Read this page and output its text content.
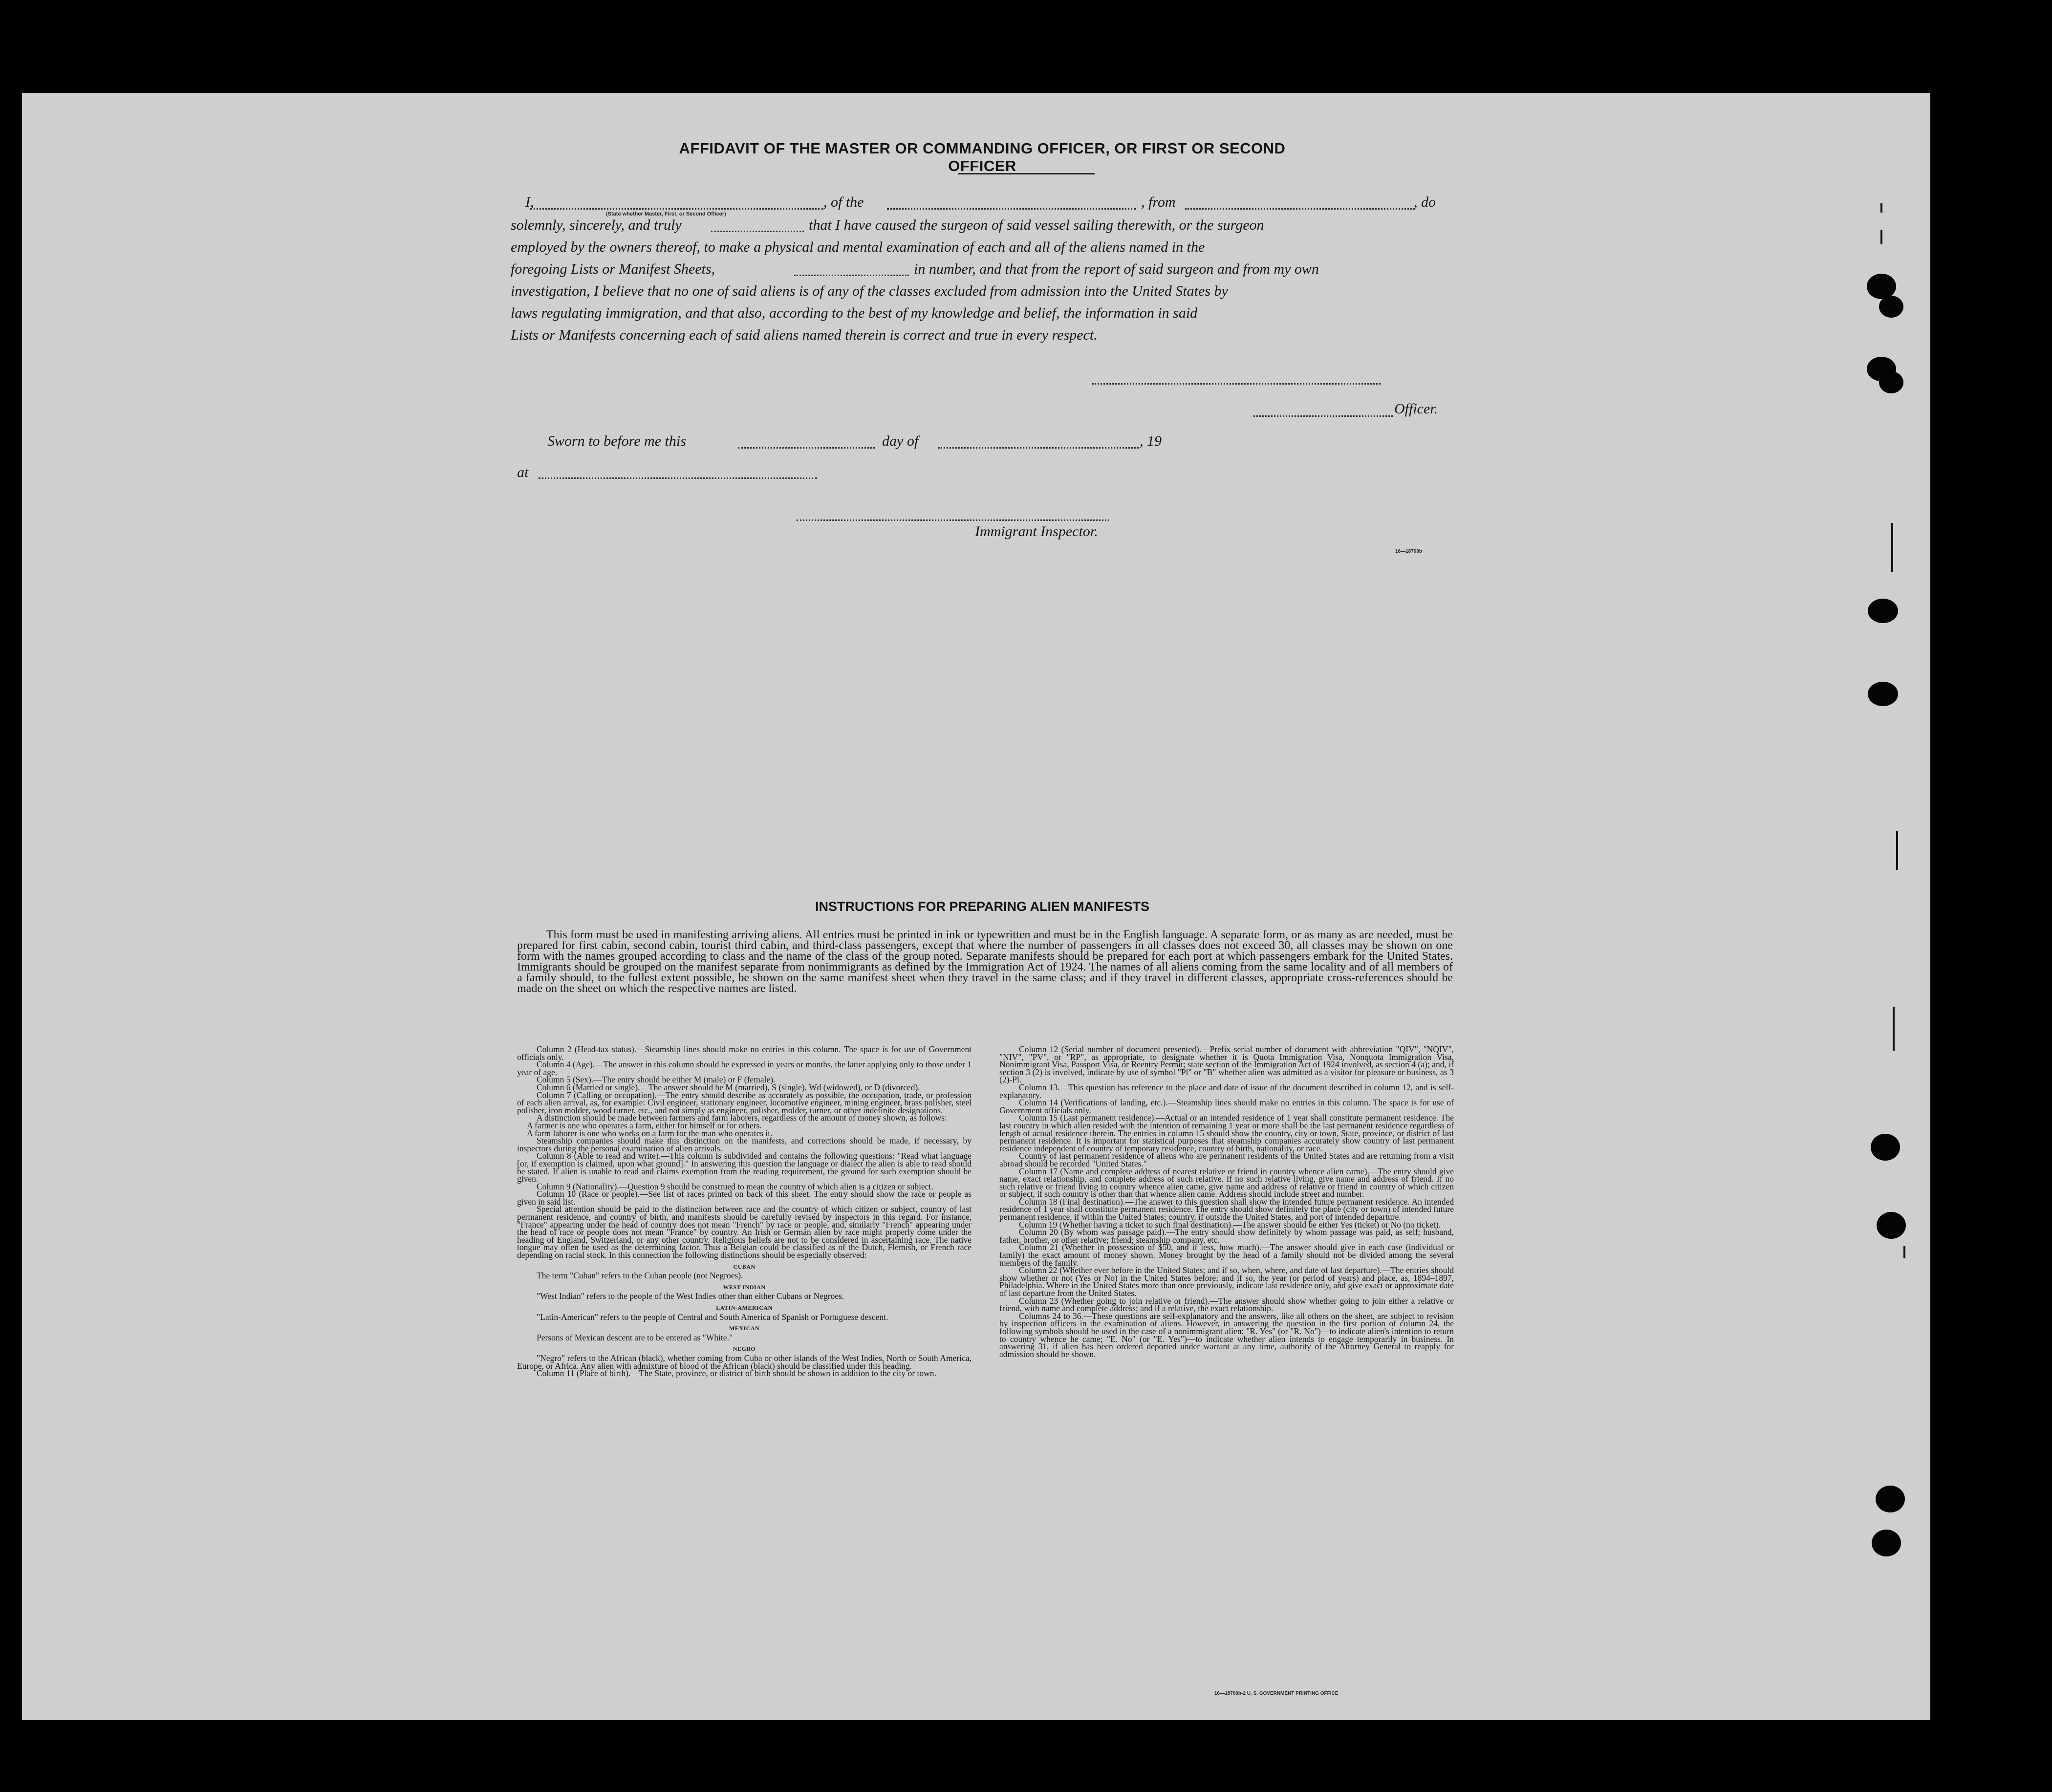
AFFIDAVIT OF THE MASTER OR COMMANDING OFFICER, OR FIRST OR SECOND OFFICER
I,	, of the	, from	, do
(State whether Master, First, or Second Officer)
solemnly, sincerely, and truly	that I have caused the surgeon of said vessel sailing therewith, or the surgeon
employed by the owners thereof, to make a physical and mental examination of each and all of the aliens named in the
foregoing Lists or Manifest Sheets,	in number, and that from the report of said surgeon and from my own
investigation, I believe that no one of said aliens is of any of the classes excluded from admission into the United States by
laws regulating immigration, and that also, according to the best of my knowledge and belief, the information in said
Lists or Manifests concerning each of said aliens named therein is correct and true in every respect.
Officer.
Sworn to before me this	day of	, 19
at
Immigrant Inspector.
16—18709b
INSTRUCTIONS FOR PREPARING ALIEN MANIFESTS
This form must be used in manifesting arriving aliens. All entries must be printed in ink or typewritten and must be in the English language. A separate form, or as many as are needed, must be prepared for first cabin, second cabin, tourist third cabin, and third-class passengers, except that where the number of passengers in all classes does not exceed 30, all classes may be shown on one form with the names grouped according to class and the name of the class of the group noted. Separate manifests should be prepared for each port at which passengers embark for the United States. Immigrants should be grouped on the manifest separate from nonimmigrants as defined by the Immigration Act of 1924. The names of all aliens coming from the same locality and of all members of a family should, to the fullest extent possible, be shown on the same manifest sheet when they travel in the same class; and if they travel in different classes, appropriate cross-references should be made on the sheet on which the respective names are listed.

Column 2 (Head-tax status).—Steamship lines should make no entries in this column. The space is for use of Government officials only.

Column 4 (Age).—The answer in this column should be expressed in years or months, the latter applying only to those under 1 year of age.

Column 5 (Sex).—The entry should be either M (male) or F (female).

Column 6 (Married or single).—The answer should be M (married), S (single), Wd (widowed), or D (divorced).

Column 7 (Calling or occupation).—The entry should describe as accurately as possible, the occupation, trade, or profession of each alien arrival, as, for example: Civil engineer, stationary engineer, locomotive engineer, mining engineer, brass polisher, steel polisher, iron molder, wood turner, etc., and not simply as engineer, polisher, molder, turner, or other indefinite designations.

A distinction should be made between farmers and farm laborers, regardless of the amount of money shown, as follows:

A farmer is one who operates a farm, either for himself or for others.

A farm laborer is one who works on a farm for the man who operates it.

Steamship companies should make this distinction on the manifests, and corrections should be made, if necessary, by inspectors during the personal examination of alien arrivals.

Column 8 (Able to read and write).—This column is subdivided and contains the following questions: "Read what language [or, if exemption is claimed, upon what ground]." In answering this question the language or dialect the alien is able to read should be stated. If alien is unable to read and claims exemption from the reading requirement, the ground for such exemption should be given.

Column 9 (Nationality).—Question 9 should be construed to mean the country of which alien is a citizen or subject.

Column 10 (Race or people).—See list of races printed on back of this sheet. The entry should show the race or people as given in said list.

Special attention should be paid to the distinction between race and the country of which citizen or subject, country of last permanent residence, and country of birth, and manifests should be carefully revised by inspectors in this regard. For instance, "France" appearing under the head of country does not mean "French" by race or people, and, similarly "French" appearing under the head of race or people does not mean "France" by country. An Irish or German alien by race might properly come under the heading of England, Switzerland, or any other country. Religious beliefs are not to be considered in ascertaining race. The native tongue may often be used as the determining factor. Thus a Belgian could be classified as of the Dutch, Flemish, or French race depending on racial stock. In this connection the following distinctions should be especially observed:

CUBAN

The term "Cuban" refers to the Cuban people (not Negroes).

WEST INDIAN

"West Indian" refers to the people of the West Indies other than either Cubans or Negroes.

LATIN-AMERICAN

"Latin-American" refers to the people of Central and South America of Spanish or Portuguese descent.

MEXICAN

Persons of Mexican descent are to be entered as "White."

NEGRO

"Negro" refers to the African (black), whether coming from Cuba or other islands of the West Indies, North or South America, Europe, or Africa. Any alien with admixture of blood of the African (black) should be classified under this heading.

Column 11 (Place of birth).—The State, province, or district of birth should be shown in addition to the city or town.

Column 12 (Serial number of document presented).—Prefix serial number of document with abbreviation "QIV", "NQIV", "NIV", "PV", or "RP", as appropriate, to designate whether it is Quota Immigration Visa, Nonquota Immigration Visa, Nonimmigrant Visa, Passport Visa, or Reentry Permit; state section of the Immigration Act of 1924 involved, as section 4 (a); and, if section 3 (2) is involved, indicate by use of symbol "Pl" or "B" whether alien was admitted as a visitor for pleasure or business, as 3 (2)-Pl.

Column 13.—This question has reference to the place and date of issue of the document described in column 12, and is self-explanatory.

Column 14 (Verifications of landing, etc.).—Steamship lines should make no entries in this column. The space is for use of Government officials only.

Column 15 (Last permanent residence).—Actual or an intended residence of 1 year shall constitute permanent residence. The last country in which alien resided with the intention of remaining 1 year or more shall be the last permanent residence regardless of length of actual residence therein. The entries in column 15 should show the country, city or town, State, province, or district of last permanent residence. It is important for statistical purposes that steamship companies accurately show country of last permanent residence independent of country of temporary residence, country of birth, nationality, or race.

Country of last permanent residence of aliens who are permanent residents of the United States and are returning from a visit abroad should be recorded "United States."

Column 17 (Name and complete address of nearest relative or friend in country whence alien came).—The entry should give name, exact relationship, and complete address of such relative. If no such relative living, give name and address of friend. If no such relative or friend living in country whence alien came, give name and address of relative or friend in country of which citizen or subject, if such country is other than that whence alien came. Address should include street and number.

Column 18 (Final destination).—The answer to this question shall show the intended future permanent residence. An intended residence of 1 year shall constitute permanent residence. The entry should show definitely the place (city or town) of intended future permanent residence, if within the United States; country, if outside the United States, and port of intended departure.

Column 19 (Whether having a ticket to such final destination).—The answer should be either Yes (ticket) or No (no ticket).

Column 20 (By whom was passage paid).—The entry should show definitely by whom passage was paid, as self; husband, father, brother, or other relative; friend; steamship company, etc.

Column 21 (Whether in possession of $50, and if less, how much).—The answer should give in each case (individual or family) the exact amount of money shown. Money brought by the head of a family should not be divided among the several members of the family.

Column 22 (Whether ever before in the United States; and if so, when, where, and date of last departure).—The entries should show whether or not (Yes or No) in the United States before; and if so, the year (or period of years) and place, as, 1894–1897, Philadelphia. Where in the United States more than once previously, indicate last residence only, and give exact or approximate date of last departure from the United States.

Column 23 (Whether going to join relative or friend).—The answer should show whether going to join either a relative or friend, with name and complete address; and if a relative, the exact relationship.

Columns 24 to 36.—These questions are self-explanatory and the answers, like all others on the sheet, are subject to revision by inspection officers in the examination of aliens. However, in answering the question in the first portion of column 24, the following symbols should be used in the case of a nonimmigrant alien: "R. Yes" (or "R. No")—to indicate alien's intention to return to country whence he came; "E. No" (or "E. Yes")—to indicate whether alien intends to engage temporarily in business. In answering 31, if alien has been ordered deported under warrant at any time, authority of the Attorney General to reapply for admission should be shown.

16—18709b-2 U. S. GOVERNMENT PRINTING OFFICE
